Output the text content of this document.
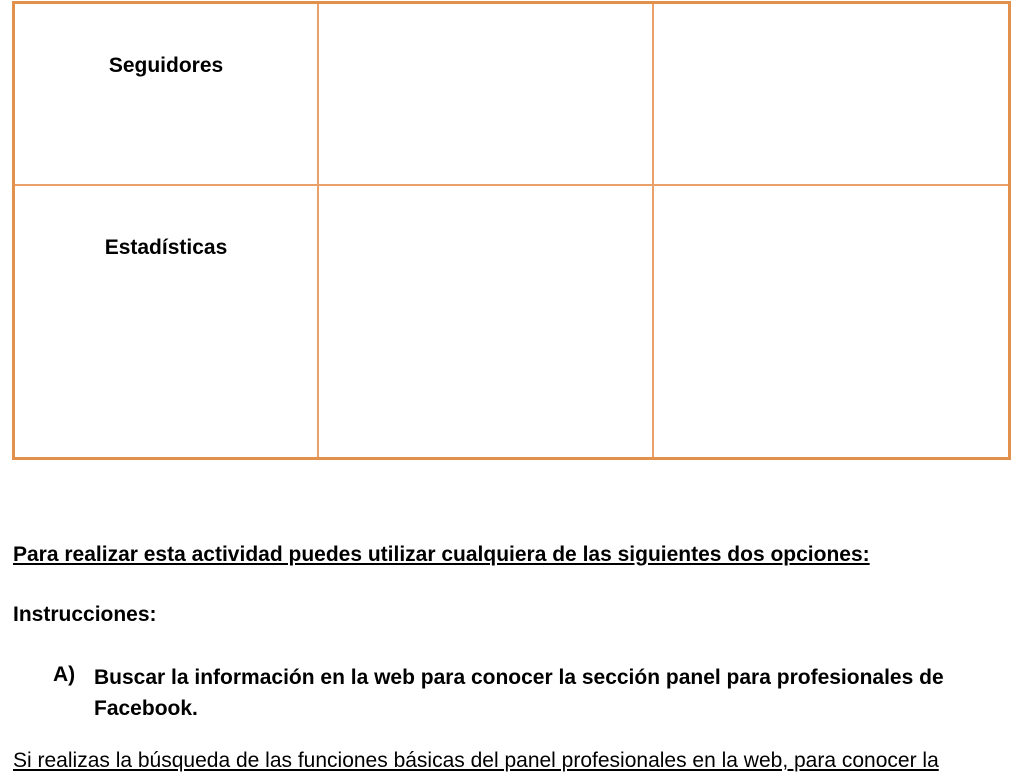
Seguidores		

Estadísticas		

Para realizar esta actividad puedes utilizar cualquiera de las siguientes dos opciones:
Instrucciones:
A) Buscar la información en la web para conocer la sección panel para profesionales de Facebook.
Si realizas la búsqueda de las funciones básicas del panel profesionales en la web, para conocer la
